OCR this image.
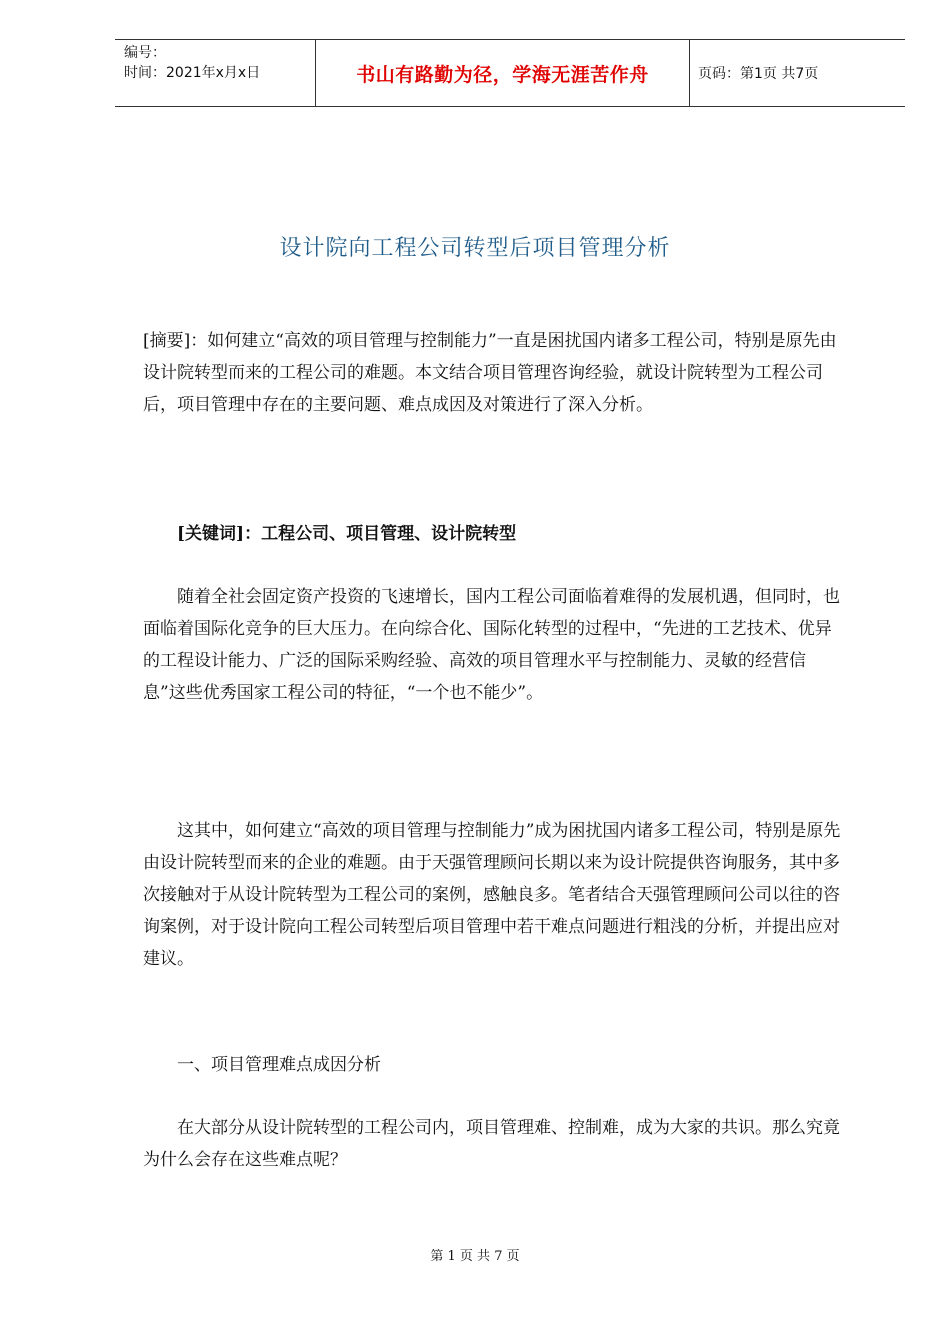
编号：
时间：2021年x月x日	书山有路勤为径，学海无涯苦作舟	页码：第1页 共7页
设计院向工程公司转型后项目管理分析

[摘要]：如何建立“高效的项目管理与控制能力”一直是困扰国内诸多工程公司，特别是原先由设计院转型而来的工程公司的难题。本文结合项目管理咨询经验，就设计院转型为工程公司后，项目管理中存在的主要问题、难点成因及对策进行了深入分析。

[关键词]：工程公司、项目管理、设计院转型

随着全社会固定资产投资的飞速增长，国内工程公司面临着难得的发展机遇，但同时，也面临着国际化竞争的巨大压力。在向综合化、国际化转型的过程中，“先进的工艺技术、优异的工程设计能力、广泛的国际采购经验、高效的项目管理水平与控制能力、灵敏的经营信息”这些优秀国家工程公司的特征，“一个也不能少”。

这其中，如何建立“高效的项目管理与控制能力”成为困扰国内诸多工程公司，特别是原先由设计院转型而来的企业的难题。由于天强管理顾问长期以来为设计院提供咨询服务，其中多次接触对于从设计院转型为工程公司的案例，感触良多。笔者结合天强管理顾问公司以往的咨询案例，对于设计院向工程公司转型后项目管理中若干难点问题进行粗浅的分析，并提出应对建议。

一、项目管理难点成因分析

在大部分从设计院转型的工程公司内，项目管理难、控制难，成为大家的共识。那么究竟为什么会存在这些难点呢？

第 1 页 共 7 页
